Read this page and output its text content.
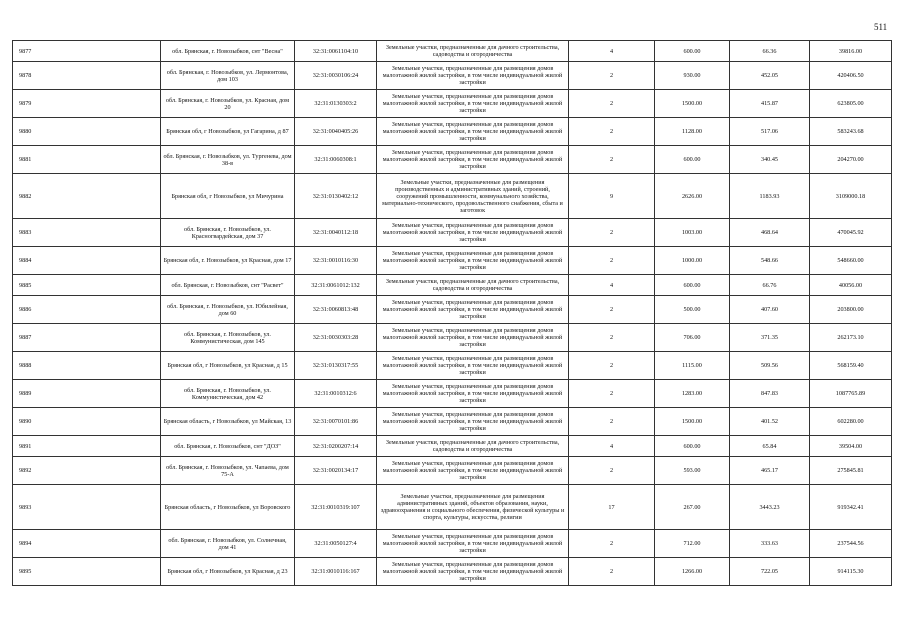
511
9877	обл. Брянская, г. Новозыбков, снт "Весна"	32:31:0061104:10	Земельные участки, предназначенные для дачного строительства, садоводства и огородничества	4	600.00	66.36	39816.00
9878	обл. Брянская, г. Новозыбков, ул. Лермонтова, дом 103	32:31:0030106:24	Земельные участки, предназначенные для размещения домов малоэтажной жилой застройки, в том числе индивидуальной жилой застройки	2	930.00	452.05	420406.50
9879	обл. Брянская, г. Новозыбков, ул. Красная, дом 20	32:31:0130303:2	Земельные участки, предназначенные для размещения домов малоэтажной жилой застройки, в том числе индивидуальной жилой застройки	2	1500.00	415.87	623805.00
9880	Брянская обл, г Новозыбков, ул Гагарина, д 87	32:31:0040405:26	Земельные участки, предназначенные для размещения домов малоэтажной жилой застройки, в том числе индивидуальной жилой застройки	2	1128.00	517.06	583243.68
9881	обл. Брянская, г. Новозыбков, ул. Тургенева, дом 38-в	32:31:0060308:1	Земельные участки, предназначенные для размещения домов малоэтажной жилой застройки, в том числе индивидуальной жилой застройки	2	600.00	340.45	204270.00
9882	Брянская обл, г Новозыбков, ул Мичурина	32:31:0130402:12	Земельные участки, предназначенные для размещения производственных и административных зданий, строений, сооружений промышленности, коммунального хозяйства, материально-технического, продовольственного снабжения, сбыта и заготовок	9	2626.00	1183.93	3109000.18
9883	обл. Брянская, г. Новозыбков, ул. Красногвардейская, дом 37	32:31:0040112:18	Земельные участки, предназначенные для размещения домов малоэтажной жилой застройки, в том числе индивидуальной жилой застройки	2	1003.00	468.64	470045.92
9884	Брянская обл, г. Новозыбков, ул Красная, дом 17	32:31:0010116:30	Земельные участки, предназначенные для размещения домов малоэтажной жилой застройки, в том числе индивидуальной жилой застройки	2	1000.00	548.66	548660.00
9885	обл. Брянская, г. Новозыбков, снт "Расвет"	32:31:0061012:132	Земельные участки, предназначенные для дачного строительства, садоводства и огородничества	4	600.00	66.76	40056.00
9886	обл. Брянская, г. Новозыбков, ул. Юбилейная, дом 60	32:31:0060813:48	Земельные участки, предназначенные для размещения домов малоэтажной жилой застройки, в том числе индивидуальной жилой застройки	2	500.00	407.60	203800.00
9887	обл. Брянская, г. Новозыбков, ул. Коммунистическая, дом 145	32:31:0030303:28	Земельные участки, предназначенные для размещения домов малоэтажной жилой застройки, в том числе индивидуальной жилой застройки	2	706.00	371.35	262173.10
9888	Брянская обл, г Новозыбков, ул Красная, д 15	32:31:0130317:55	Земельные участки, предназначенные для размещения домов малоэтажной жилой застройки, в том числе индивидуальной жилой застройки	2	1115.00	509.56	568159.40
9889	обл. Брянская, г. Новозыбков, ул. Коммунистическая, дом 42	32:31:0010312:6	Земельные участки, предназначенные для размещения домов малоэтажной жилой застройки, в том числе индивидуальной жилой застройки	2	1283.00	847.83	1087765.89
9890	Брянская область, г Новозыбков, ул Майская, 13	32:31:0070101:86	Земельные участки, предназначенные для размещения домов малоэтажной жилой застройки, в том числе индивидуальной жилой застройки	2	1500.00	401.52	602280.00
9891	обл. Брянская, г. Новозыбков, снт "ДОЗ"	32:31:0200207:14	Земельные участки, предназначенные для дачного строительства, садоводства и огородничества	4	600.00	65.84	39504.00
9892	обл. Брянская, г. Новозыбков, ул. Чапаева, дом 75-А	32:31:0020134:17	Земельные участки, предназначенные для размещения домов малоэтажной жилой застройки, в том числе индивидуальной жилой застройки	2	593.00	465.17	275845.81
9893	Брянская область, г Новозыбков, ул Воровского	32:31:0010319:107	Земельные участки, предназначенные для размещения административных зданий, объектов образования, науки, здравоохранения и социального обеспечения, физической культуры и спорта, культуры, искусства, религии	17	267.00	3443.23	919342.41
9894	обл. Брянская, г. Новозыбков, ул. Солнечная, дом 41	32:31:0050127:4	Земельные участки, предназначенные для размещения домов малоэтажной жилой застройки, в том числе индивидуальной жилой застройки	2	712.00	333.63	237544.56
9895	Брянская обл, г Новозыбков, ул Красная, д 23	32:31:0010116:167	Земельные участки, предназначенные для размещения домов малоэтажной жилой застройки, в том числе индивидуальной жилой застройки	2	1266.00	722.05	914115.30
